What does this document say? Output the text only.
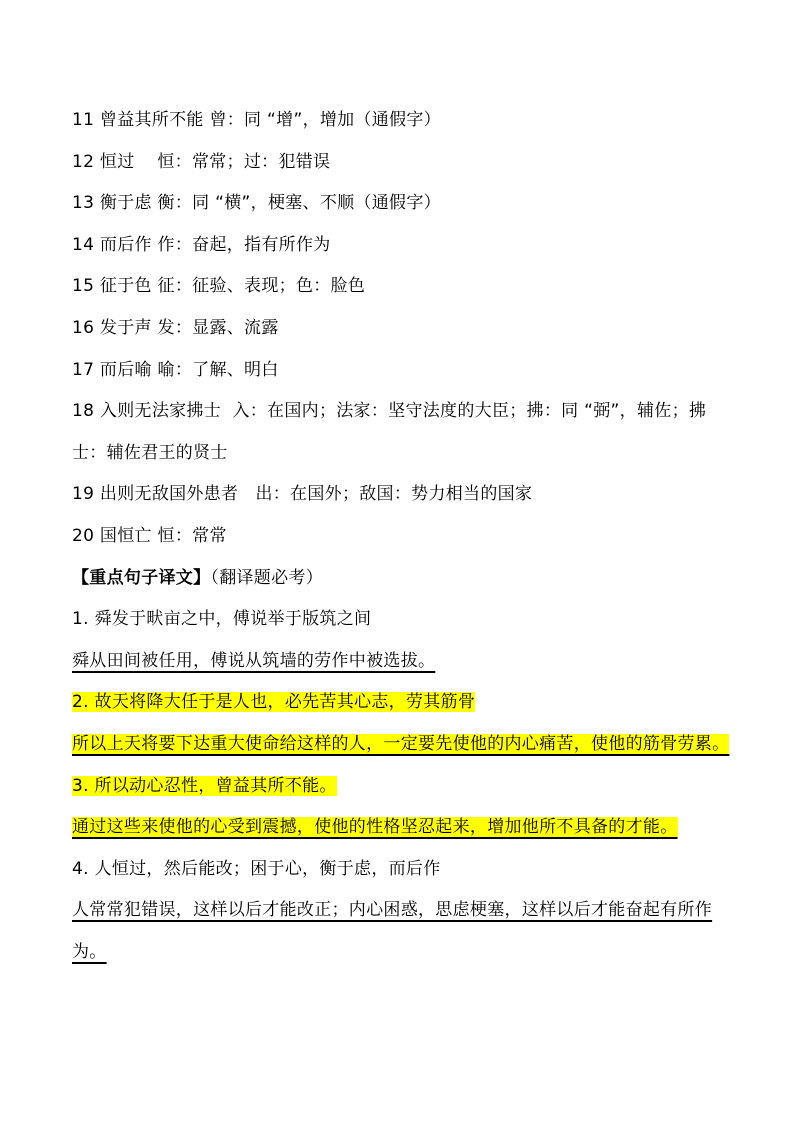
11 曾益其所不能 曾：同 “增”，增加（通假字）
12 恒过    恒：常常；过：犯错误
13 衡于虑 衡：同 “横”，梗塞、不顺（通假字）
14 而后作 作：奋起，指有所作为
15 征于色 征：征验、表现；色：脸色
16 发于声 发：显露、流露
17 而后喻 喻：了解、明白
18 入则无法家拂士  入：在国内；法家：坚守法度的大臣；拂：同 “弼”，辅佐；拂士：辅佐君王的贤士
19 出则无敌国外患者   出：在国外；敌国：势力相当的国家
20 国恒亡 恒：常常
【重点句子译文】（翻译题必考）
1. 舜发于畎亩之中，傅说举于版筑之间
舜从田间被任用，傅说从筑墙的劳作中被选拔。
2. 故天将降大任于是人也，必先苦其心志，劳其筋骨
所以上天将要下达重大使命给这样的人，一定要先使他的内心痛苦，使他的筋骨劳累。
3. 所以动心忍性，曾益其所不能。
通过这些来使他的心受到震撼，使他的性格坚忍起来，增加他所不具备的才能。
4. 人恒过，然后能改；困于心，衡于虑，而后作
人常常犯错误，这样以后才能改正；内心困惑，思虑梗塞，这样以后才能奋起有所作为。
